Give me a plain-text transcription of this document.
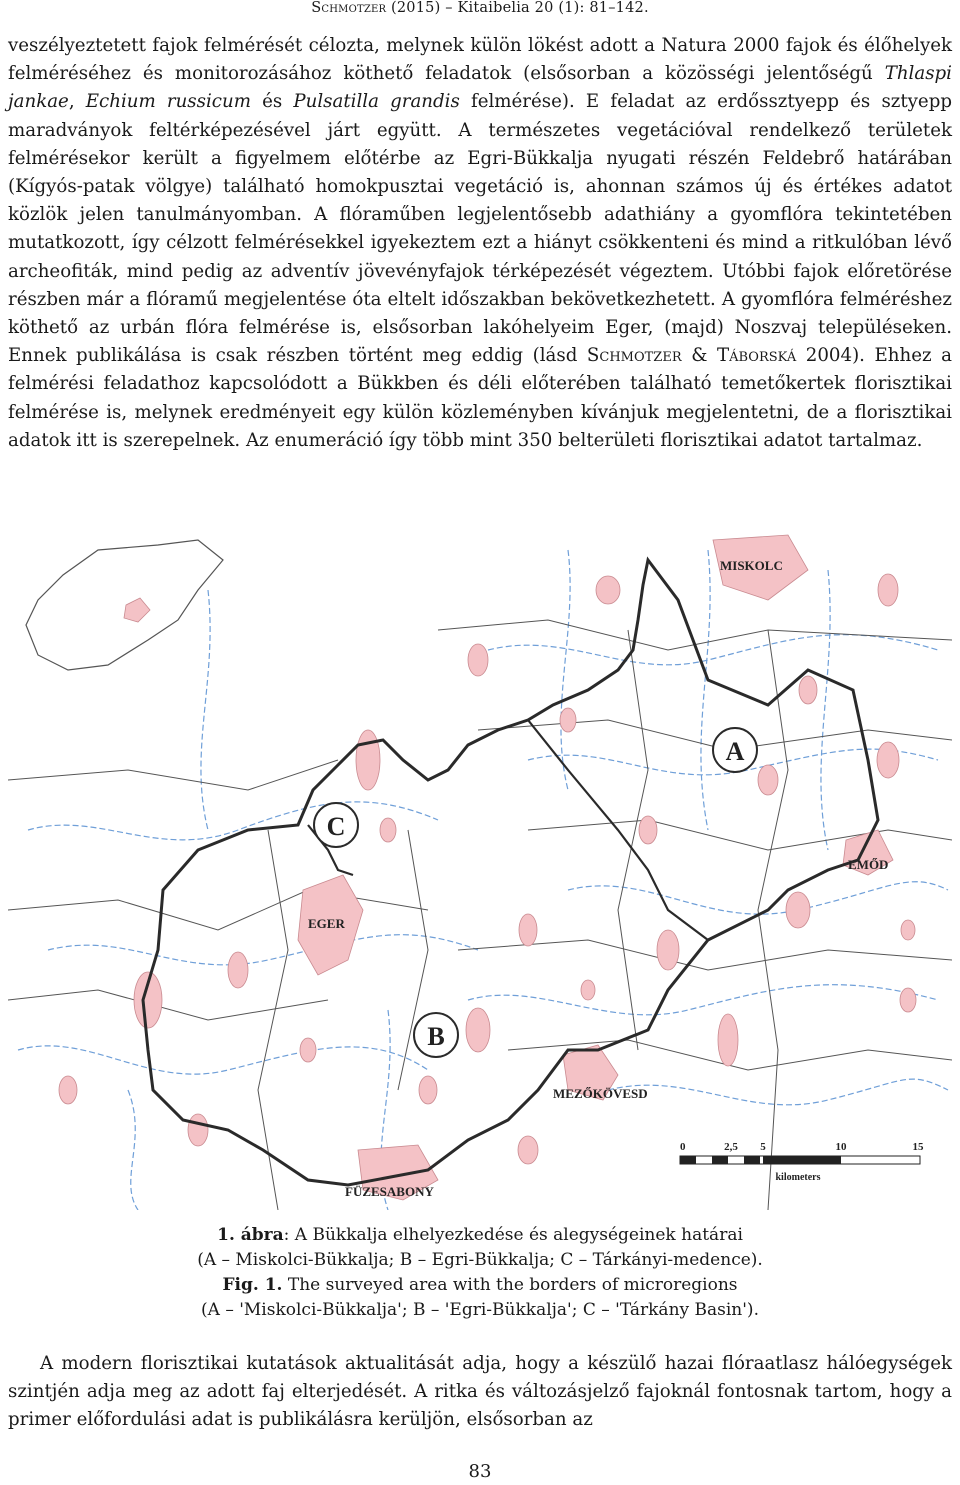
Schmotzer (2015) – Kitaibelia 20 (1): 81–142.

veszélyeztetett fajok felmérését célozta, melynek külön lökést adott a Natura 2000 fajok és élőhelyek felméréséhez és monitorozásához köthető feladatok (elsősorban a közösségi jelentőségű Thlaspi jankae, Echium russicum és Pulsatilla grandis felmérése). E feladat az erdőssztyepp és sztyepp maradványok feltérképezésével járt együtt. A természetes vegetációval rendelkező területek felmérésekor került a figyelmem előtérbe az Egri-Bükkalja nyugati részén Feldebrő határában (Kígyós-patak völgye) található homokpusztai vegetáció is, ahonnan számos új és értékes adatot közlök jelen tanulmányomban. A flóraműben legjelentősebb adathiány a gyomflóra tekintetében mutatkozott, így célzott felmérésekkel igyekeztem ezt a hiányt csökkenteni és mind a ritkulóban lévő archeofiták, mind pedig az adventív jövevényfajok térképezését végeztem. Utóbbi fajok előretörése részben már a flóramű megjelentése óta eltelt időszakban bekövetkezhetett. A gyomflóra felméréshez köthető az urbán flóra felmérése is, elsősorban lakóhelyeim Eger, (majd) Noszvaj településeken. Ennek publikálása is csak részben történt meg eddig (lásd Schmotzer & Táborská 2004). Ehhez a felmérési feladathoz kapcsolódott a Bükkben és déli előterében található temetőkertek florisztikai felmérése is, melynek eredményeit egy külön közleményben kívánjuk megjelentetni, de a florisztikai adatok itt is szerepelnek. Az enumeráció így több mint 350 belterületi florisztikai adatot tartalmaz.

A
B
C
MISKOLC
EMŐD
EGER
MEZŐKÖVESD
FÜZESABONY
0	2,5 5	10	15
kilometers
1. ábra: A Bükkalja elhelyezkedése és alegységeinek határai
(A – Miskolci-Bükkalja; B – Egri-Bükkalja; C – Tárkányi-medence).
Fig. 1. The surveyed area with the borders of microregions
(A – 'Miskolci-Bükkalja'; B – 'Egri-Bükkalja'; C – 'Tárkány Basin').

A modern florisztikai kutatások aktualitását adja, hogy a készülő hazai flóraatlasz hálóegységek szintjén adja meg az adott faj elterjedését. A ritka és változásjelző fajoknál fontosnak tartom, hogy a primer előfordulási adat is publikálásra kerüljön, elsősorban az

83
